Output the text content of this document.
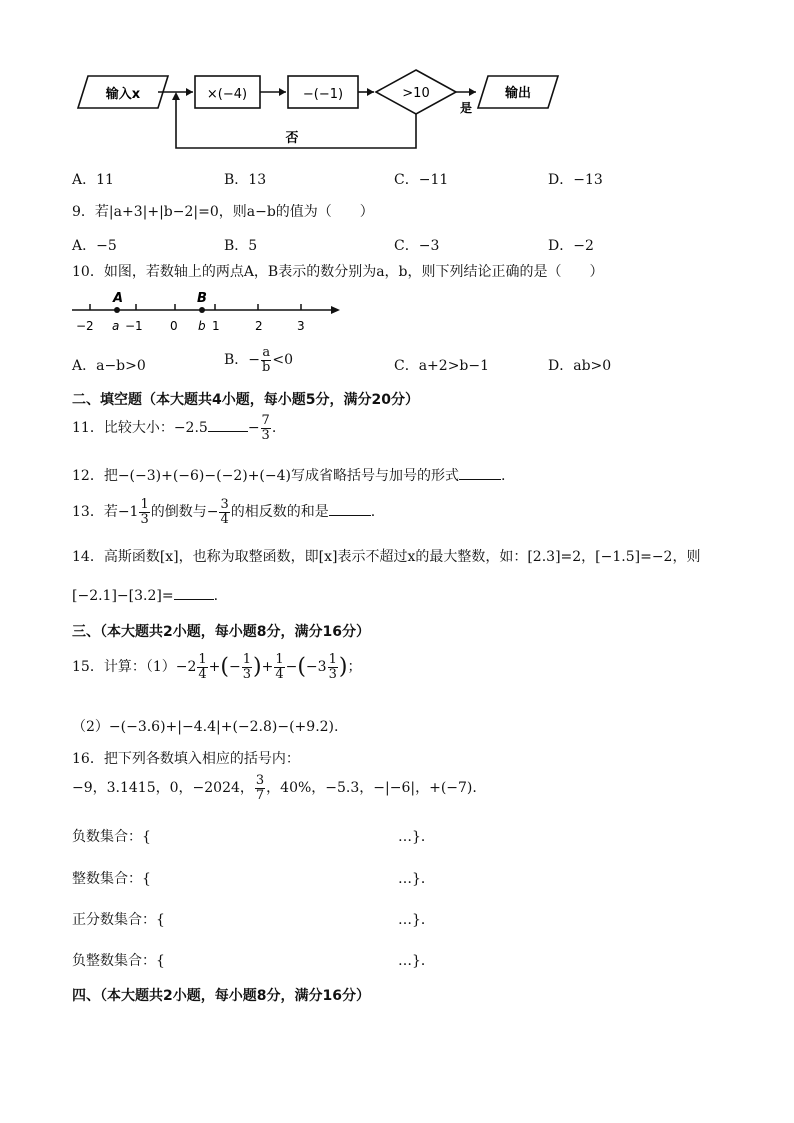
输入x	×(−4)	−(−1)	>10
是
输出
否
A．11	B．13	C．−11	D．−13
9．若|a+3|+|b−2|=0，则a−b的值为（　　）
A．−5	B．5	C．−3	D．−2
10．如图，若数轴上的两点A，B表示的数分别为a，b，则下列结论正确的是（　　）
A	B
−2 a −1 0 b 1	2	3
A．a−b>0	B．− $\frac{a}{b} <0$	C．a+2>b−1	D．ab>0
二、填空题（本大题共4小题，每小题5分，满分20分）
11．比较大小：−2.5	− $\frac{7}{3}$ .
12．把−(−3)+(−6)−(−2)+(−4)写成省略括号与加号的形式	.
13．若$-1 \frac{1}{3}$ 的倒数与− $\frac{3}{4}$ 的相反数的和是	.
14．高斯函数[x]，也称为取整函数，即[x]表示不超过x的最大整数，如：[2.3]=2，[−1.5]=−2，则
[−2.1]−[3.2]=	.
三、（本大题共2小题，每小题8分，满分16分）
15．计算：$(1)-2 \frac{1}{4}$ +(− $\frac{1}{3}$ )+ $\frac{1}{4} -(-3 \frac{1}{3}$ )；
（2）−(−3.6)+|−4.4|+(−2.8)−(+9.2).
16．把下列各数填入相应的括号内：
−9，3.1415，0，−2024， $\frac{3}{7}$ ，40%，−5.3，−|−6|，+(−7).
负数集合：{	…}．
整数集合：{	…}．
正分数集合：{	…}．
负整数集合：{	…}．
四、（本大题共2小题，每小题8分，满分16分）
